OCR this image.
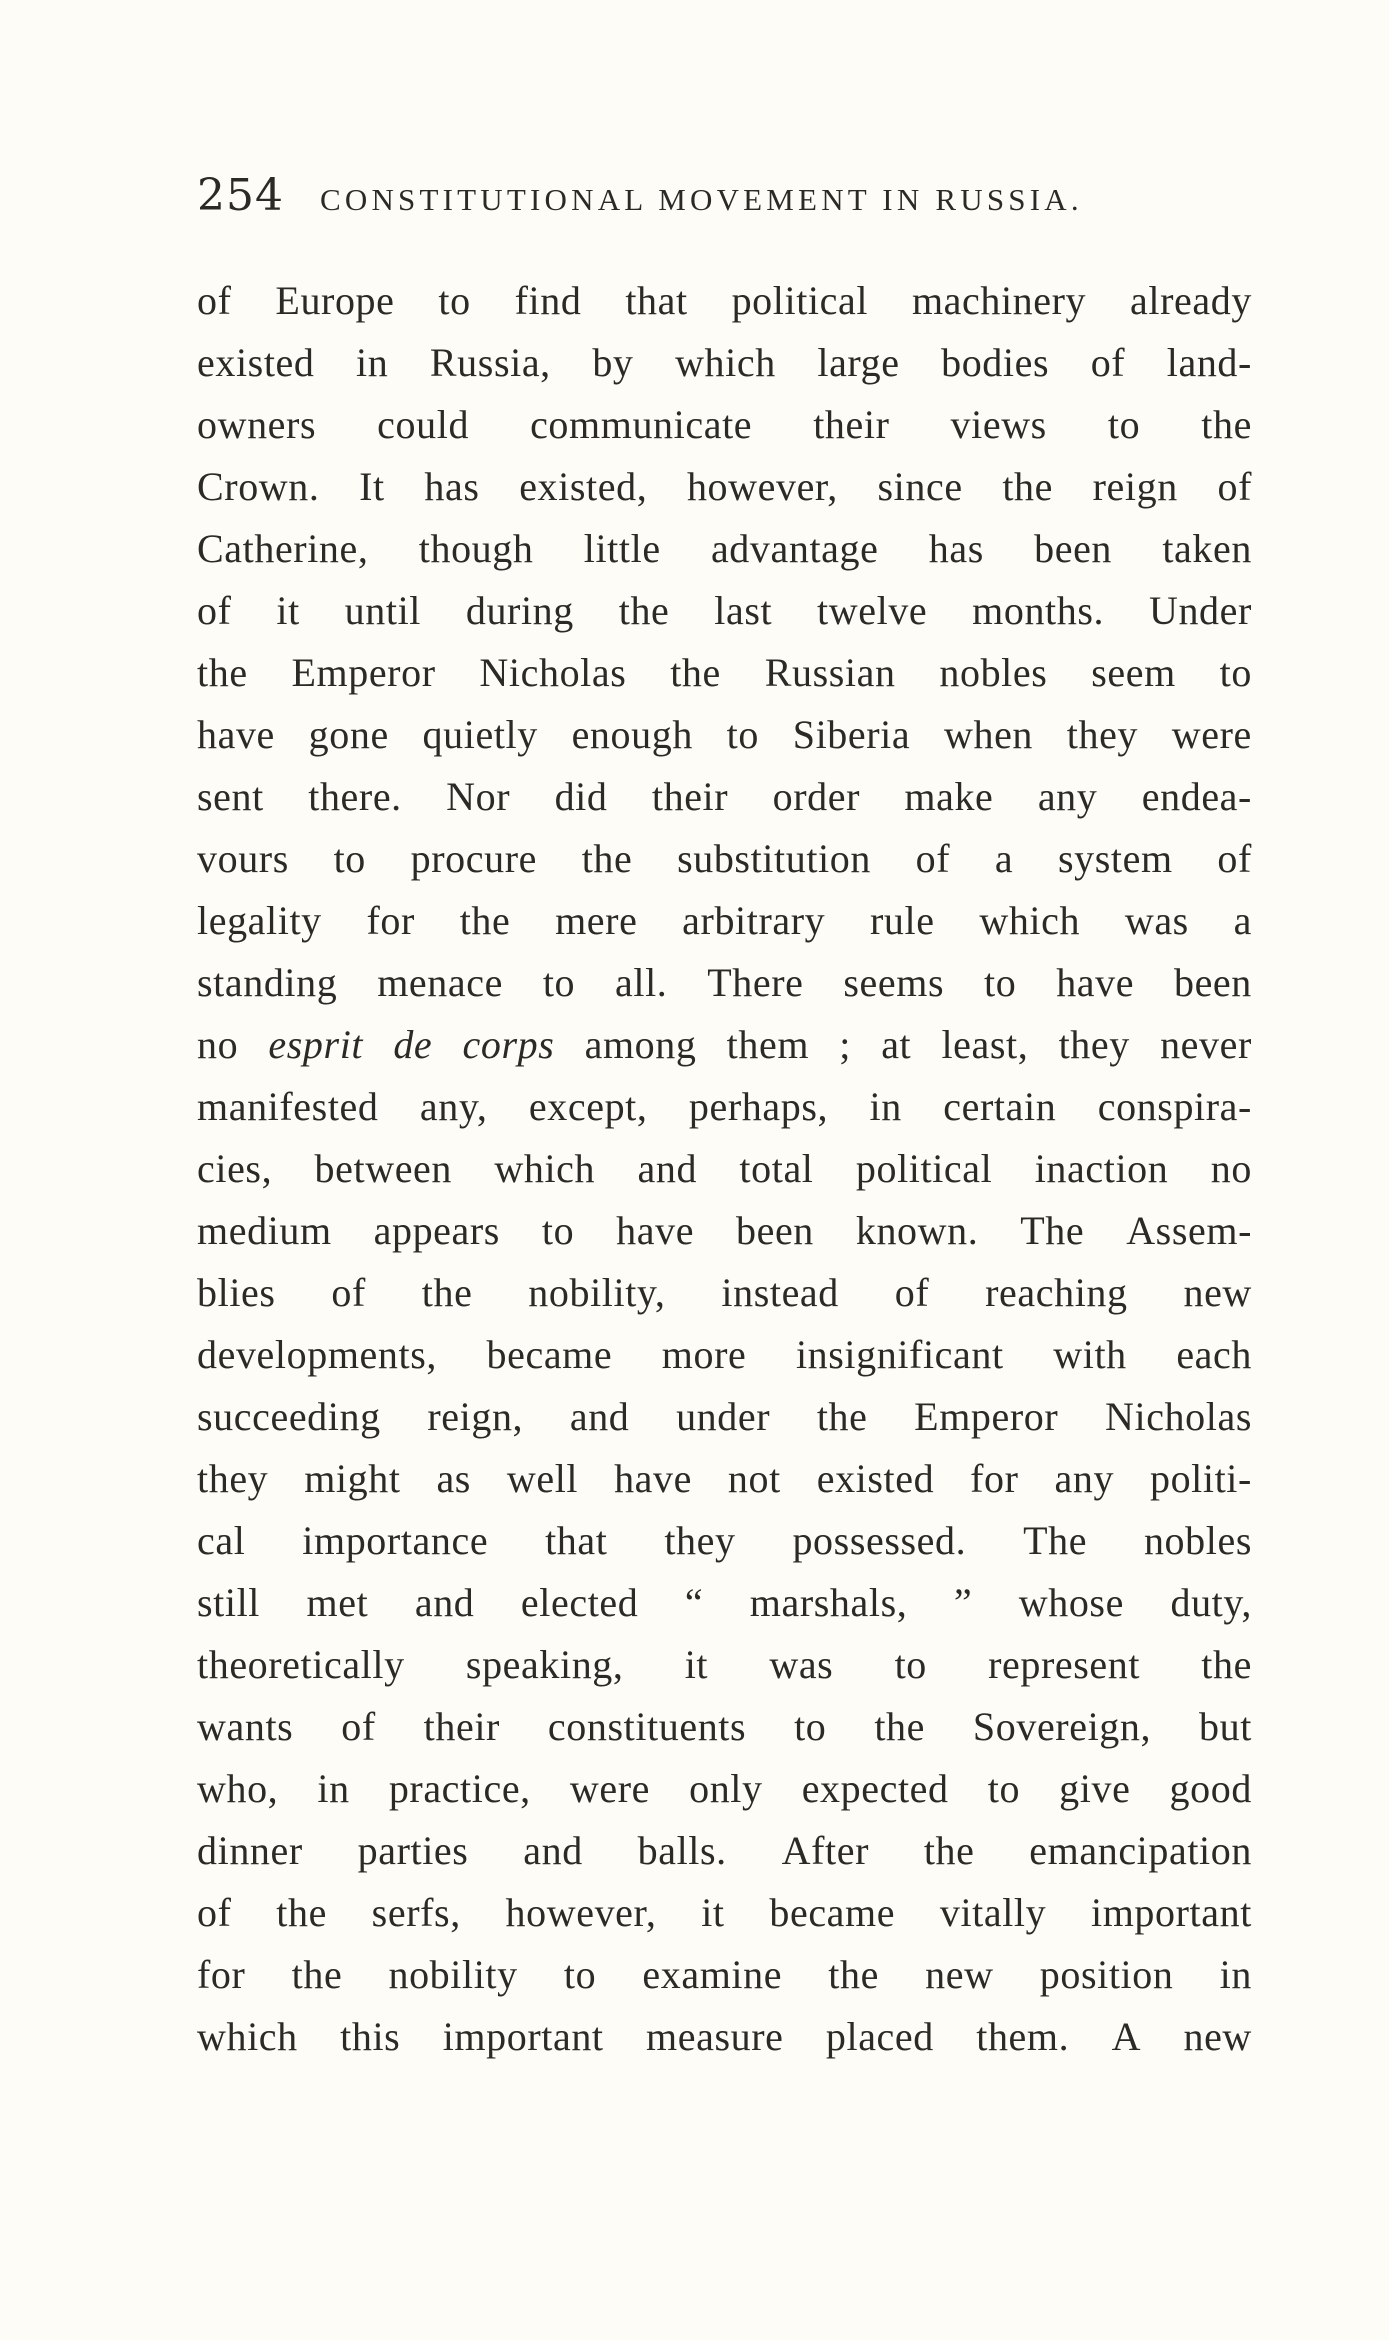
254 CONSTITUTIONAL MOVEMENT IN RUSSIA.
of Europe to find that political machinery already
existed in Russia, by which large bodies of land-
owners could communicate their views to the
Crown. It has existed, however, since the reign of
Catherine, though little advantage has been taken
of it until during the last twelve months. Under
the Emperor Nicholas the Russian nobles seem to
have gone quietly enough to Siberia when they were
sent there. Nor did their order make any endea-
vours to procure the substitution of a system of
legality for the mere arbitrary rule which was a
standing menace to all. There seems to have been
no esprit de corps among them ; at least, they never
manifested any, except, perhaps, in certain conspira-
cies, between which and total political inaction no
medium appears to have been known. The Assem-
blies of the nobility, instead of reaching new
developments, became more insignificant with each
succeeding reign, and under the Emperor Nicholas
they might as well have not existed for any politi-
cal importance that they possessed. The nobles
still met and elected “ marshals, ” whose duty,
theoretically speaking, it was to represent the
wants of their constituents to the Sovereign, but
who, in practice, were only expected to give good
dinner parties and balls. After the emancipation
of the serfs, however, it became vitally important
for the nobility to examine the new position in
which this important measure placed them. A new
